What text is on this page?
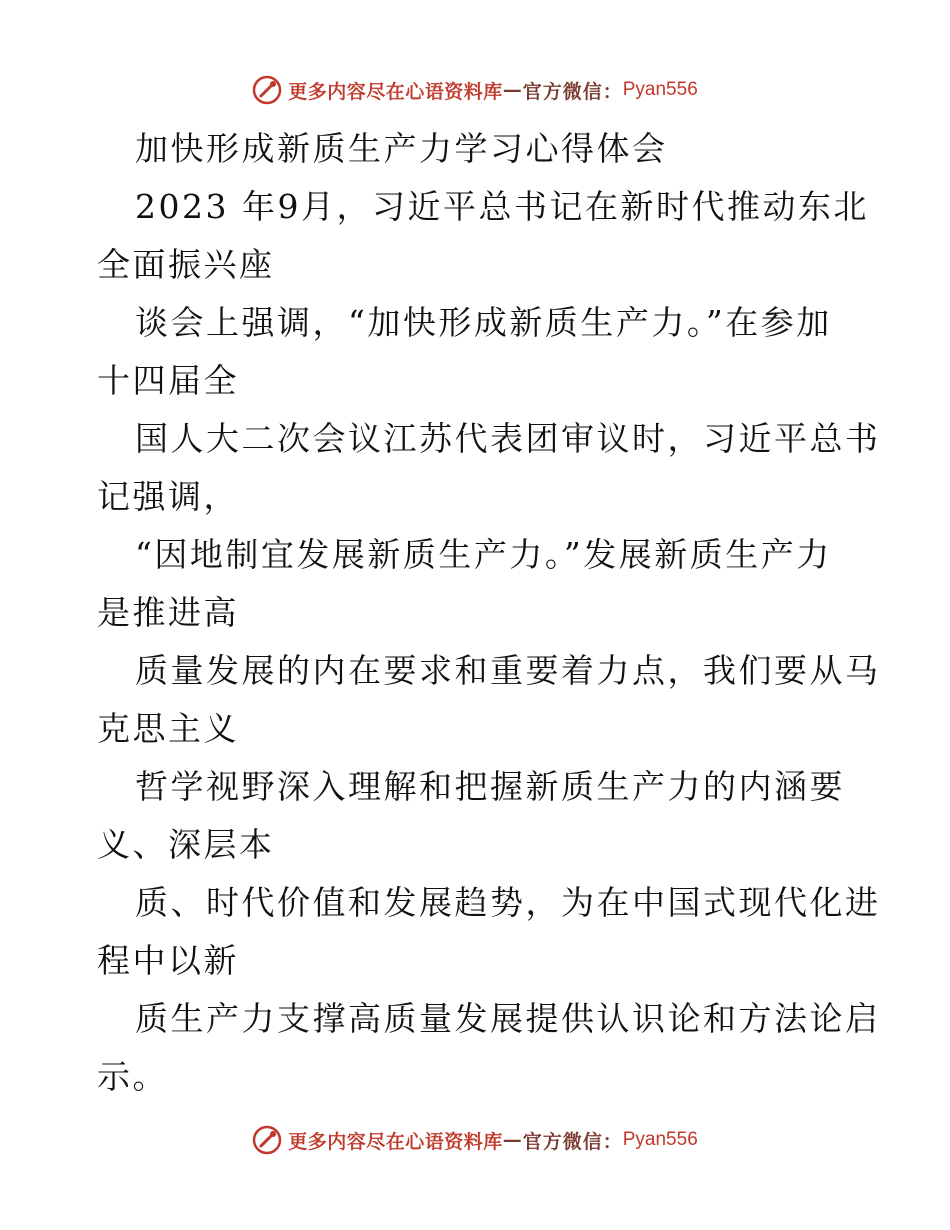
更多内容尽在心语资料库 — 官方微信： Pyan556
加快形成新质生产力学习心得体会
2023 年9月，习近平总书记在新时代推动东北
全面振兴座
谈会上强调，“加快形成新质生产力。”在参加
十四届全
国人大二次会议江苏代表团审议时，习近平总书
记强调，
“因地制宜发展新质生产力。”发展新质生产力
是推进高
质量发展的内在要求和重要着力点，我们要从马
克思主义
哲学视野深入理解和把握新质生产力的内涵要
义、深层本
质、时代价值和发展趋势，为在中国式现代化进
程中以新
质生产力支撑高质量发展提供认识论和方法论启
示。
更多内容尽在心语资料库 — 官方微信： Pyan556
